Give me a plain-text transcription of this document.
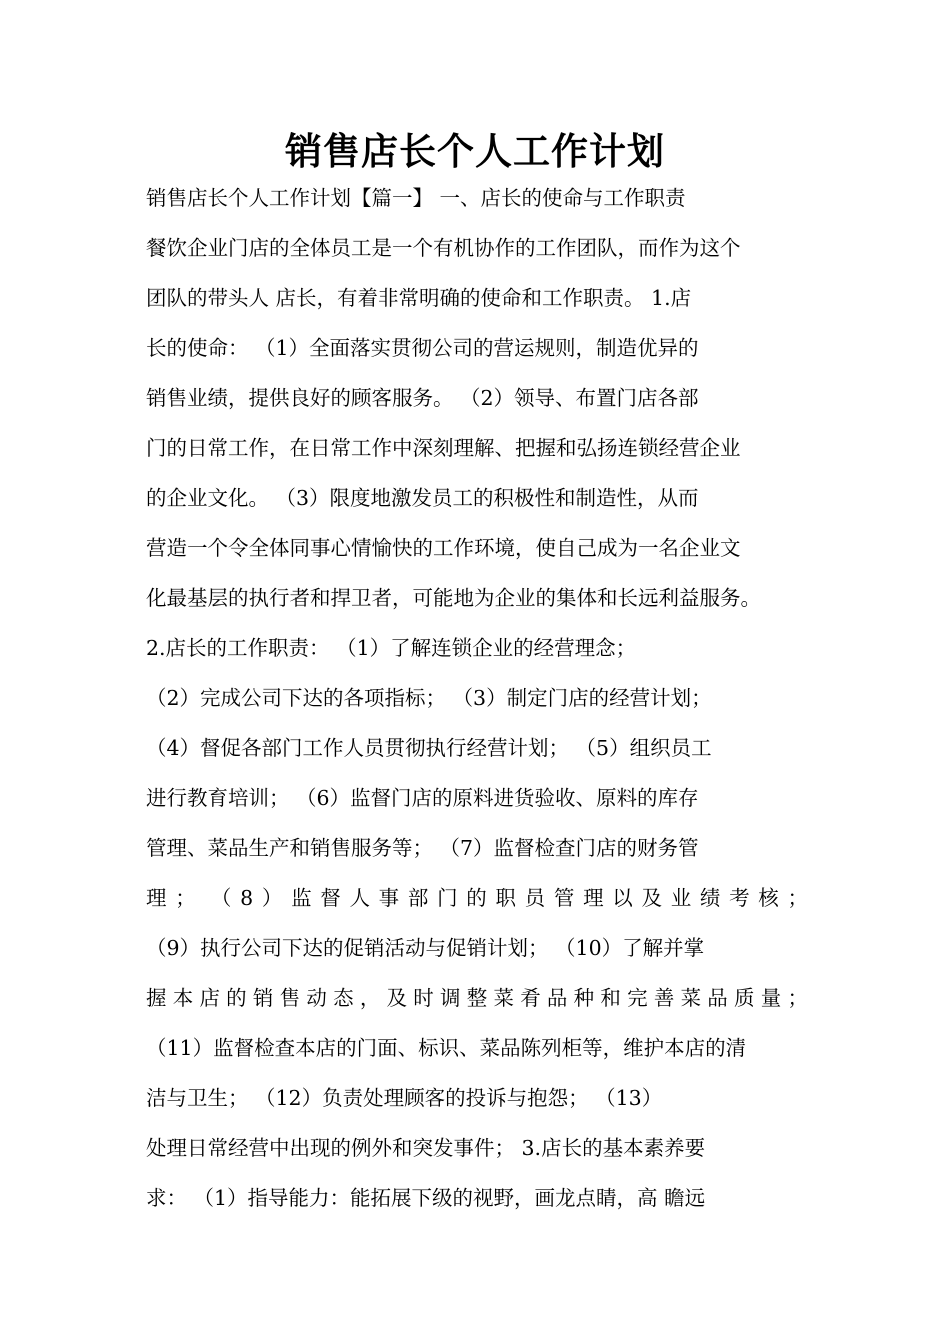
销售店长个人工作计划
销售店长个人工作计划【篇一】 一、店长的使命与工作职责
餐饮企业门店的全体员工是一个有机协作的工作团队，而作为这个
团队的带头人 店长，有着非常明确的使命和工作职责。 1.店
长的使命： （1）全面落实贯彻公司的营运规则，制造优异的
销售业绩，提供良好的顾客服务。 （2）领导、布置门店各部
门的日常工作，在日常工作中深刻理解、把握和弘扬连锁经营企业
的企业文化。 （3）限度地激发员工的积极性和制造性，从而
营造一个令全体同事心情愉快的工作环境，使自己成为一名企业文
化最基层的执行者和捍卫者，可能地为企业的集体和长远利益服务。
2.店长的工作职责： （1）了解连锁企业的经营理念；
（2）完成公司下达的各项指标； （3）制定门店的经营计划；
（4）督促各部门工作人员贯彻执行经营计划； （5）组织员工
进行教育培训； （6）监督门店的原料进货验收、原料的库存
管理、菜品生产和销售服务等； （7）监督检查门店的财务管
理； （8）监督人事部门的职员管理以及业绩考核；
（9）执行公司下达的促销活动与促销计划； （10）了解并掌
握本店的销售动态，及时调整菜肴品种和完善菜品质量；
（11）监督检查本店的门面、标识、菜品陈列柜等，维护本店的清
洁与卫生； （12）负责处理顾客的投诉与抱怨； （13）
处理日常经营中出现的例外和突发事件； 3.店长的基本素养要
求： （1）指导能力：能拓展下级的视野，画龙点睛，高 瞻远
